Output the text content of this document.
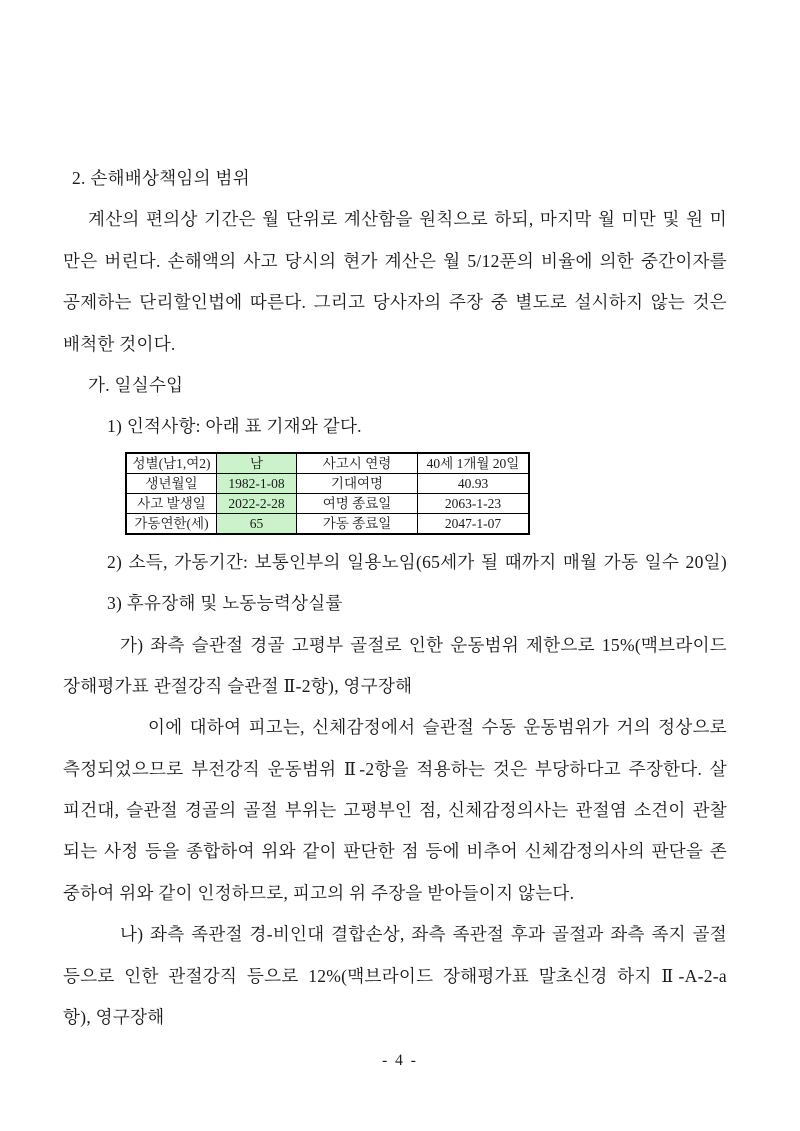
2. 손해배상책임의 범위
계산의 편의상 기간은 월 단위로 계산함을 원칙으로 하되, 마지막 월 미만 및 원 미
만은 버린다. 손해액의 사고 당시의 현가 계산은 월 5/12푼의 비율에 의한 중간이자를
공제하는 단리할인법에 따른다. 그리고 당사자의 주장 중 별도로 설시하지 않는 것은
배척한 것이다.
가. 일실수입
1) 인적사항: 아래 표 기재와 같다.
성별(남1,여2)	남	사고시 연령	40세 1개월 20일
생년월일	1982-1-08	기대여명	40.93
사고 발생일	2022-2-28	여명 종료일	2063-1-23
가동연한(세)	65	가동 종료일	2047-1-07
2) 소득, 가동기간: 보통인부의 일용노임(65세가 될 때까지 매월 가동 일수 20일)
3) 후유장해 및 노동능력상실률
가) 좌측 슬관절 경골 고평부 골절로 인한 운동범위 제한으로 15%(맥브라이드
장해평가표 관절강직 슬관절 Ⅱ-2항), 영구장해
이에 대하여 피고는, 신체감정에서 슬관절 수동 운동범위가 거의 정상으로
측정되었으므로 부전강직 운동범위 Ⅱ-2항을 적용하는 것은 부당하다고 주장한다. 살
피건대, 슬관절 경골의 골절 부위는 고평부인 점, 신체감정의사는 관절염 소견이 관찰
되는 사정 등을 종합하여 위와 같이 판단한 점 등에 비추어 신체감정의사의 판단을 존
중하여 위와 같이 인정하므로, 피고의 위 주장을 받아들이지 않는다.
나) 좌측 족관절 경-비인대 결합손상, 좌측 족관절 후과 골절과 좌측 족지 골절
등으로 인한 관절강직 등으로 12%(맥브라이드 장해평가표 말초신경 하지 Ⅱ-A-2-a
항), 영구장해
- 4 -
